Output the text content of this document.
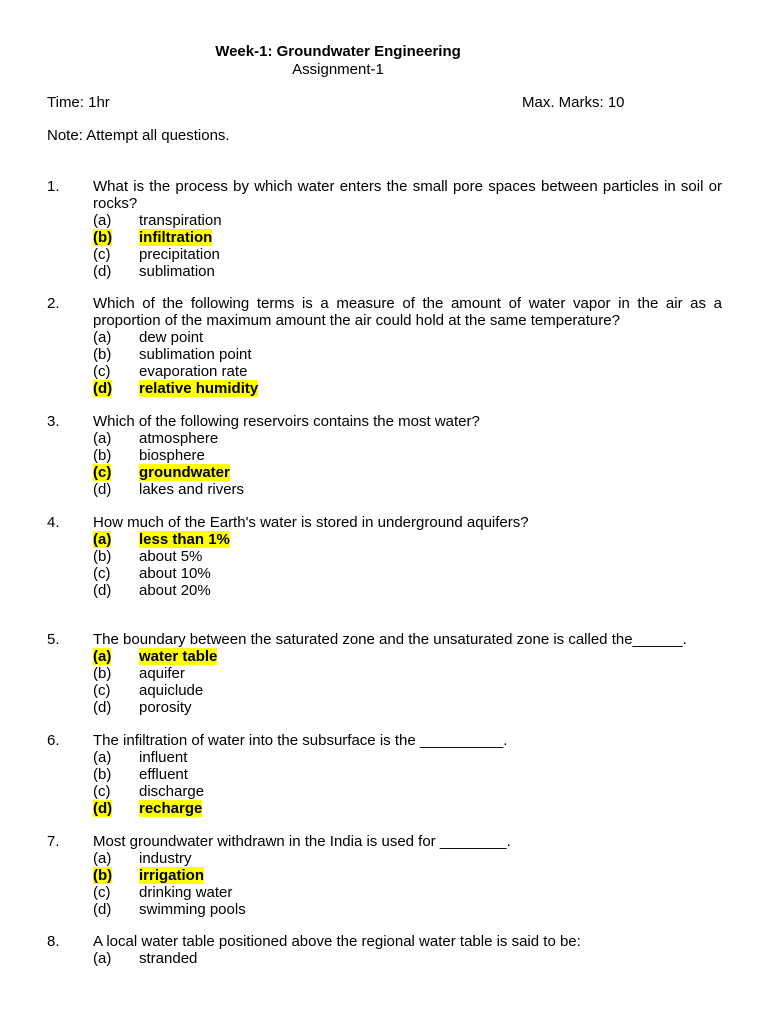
Week-1: Groundwater Engineering
Assignment-1
Time: 1hr	Max. Marks: 10
Note: Attempt all questions.
1. What is the process by which water enters the small pore spaces between particles in soil or rocks?
(a) transpiration
(b) infiltration
(c) precipitation
(d) sublimation
2. Which of the following terms is a measure of the amount of water vapor in the air as a proportion of the maximum amount the air could hold at the same temperature?
(a) dew point
(b) sublimation point
(c) evaporation rate
(d) relative humidity
3. Which of the following reservoirs contains the most water?
(a) atmosphere
(b) biosphere
(c) groundwater
(d) lakes and rivers
4. How much of the Earth's water is stored in underground aquifers?
(a) less than 1%
(b) about 5%
(c) about 10%
(d) about 20%
5. The boundary between the saturated zone and the unsaturated zone is called the______.
(a) water table
(b) aquifer
(c) aquiclude
(d) porosity
6. The infiltration of water into the subsurface is the __________.
(a) influent
(b) effluent
(c) discharge
(d) recharge
7. Most groundwater withdrawn in the India is used for ________.
(a) industry
(b) irrigation
(c) drinking water
(d) swimming pools
8. A local water table positioned above the regional water table is said to be:
(a) stranded
